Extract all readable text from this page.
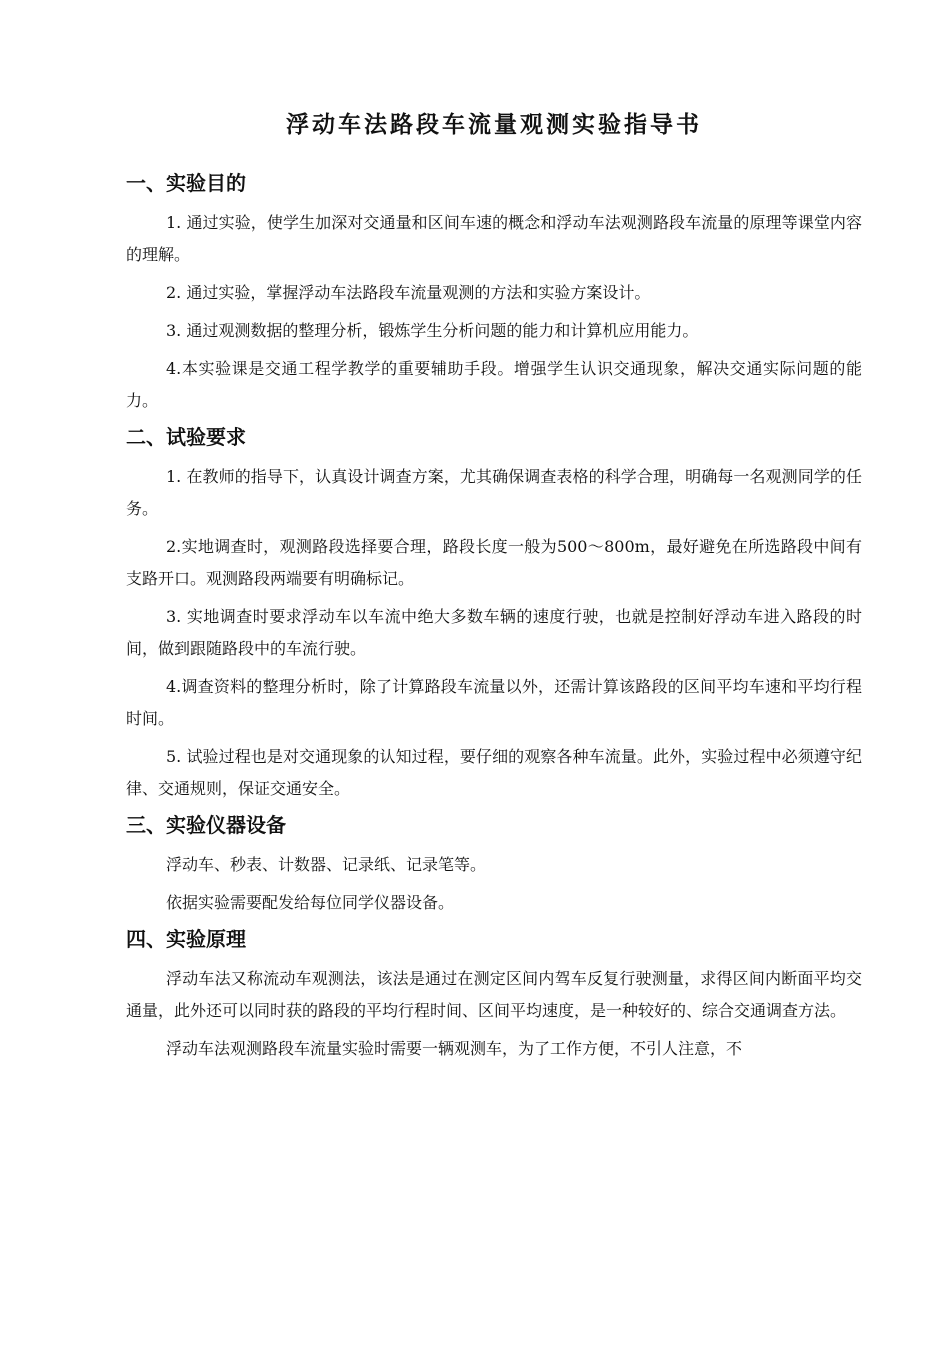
浮动车法路段车流量观测实验指导书
一、实验目的

1. 通过实验，使学生加深对交通量和区间车速的概念和浮动车法观测路段车流量的原理等课堂内容的理解。

2. 通过实验，掌握浮动车法路段车流量观测的方法和实验方案设计。

3. 通过观测数据的整理分析，锻炼学生分析问题的能力和计算机应用能力。

4.本实验课是交通工程学教学的重要辅助手段。增强学生认识交通现象，解决交通实际问题的能力。

二、试验要求

1. 在教师的指导下，认真设计调查方案，尤其确保调查表格的科学合理，明确每一名观测同学的任务。

2.实地调查时，观测路段选择要合理，路段长度一般为500～800m，最好避免在所选路段中间有支路开口。观测路段两端要有明确标记。

3. 实地调查时要求浮动车以车流中绝大多数车辆的速度行驶，也就是控制好浮动车进入路段的时间，做到跟随路段中的车流行驶。

4.调查资料的整理分析时，除了计算路段车流量以外，还需计算该路段的区间平均车速和平均行程时间。

5. 试验过程也是对交通现象的认知过程，要仔细的观察各种车流量。此外，实验过程中必须遵守纪律、交通规则，保证交通安全。

三、实验仪器设备

浮动车、秒表、计数器、记录纸、记录笔等。

依据实验需要配发给每位同学仪器设备。

四、实验原理

浮动车法又称流动车观测法，该法是通过在测定区间内驾车反复行驶测量，求得区间内断面平均交通量，此外还可以同时获的路段的平均行程时间、区间平均速度，是一种较好的、综合交通调查方法。

浮动车法观测路段车流量实验时需要一辆观测车，为了工作方便，不引人注意，不
